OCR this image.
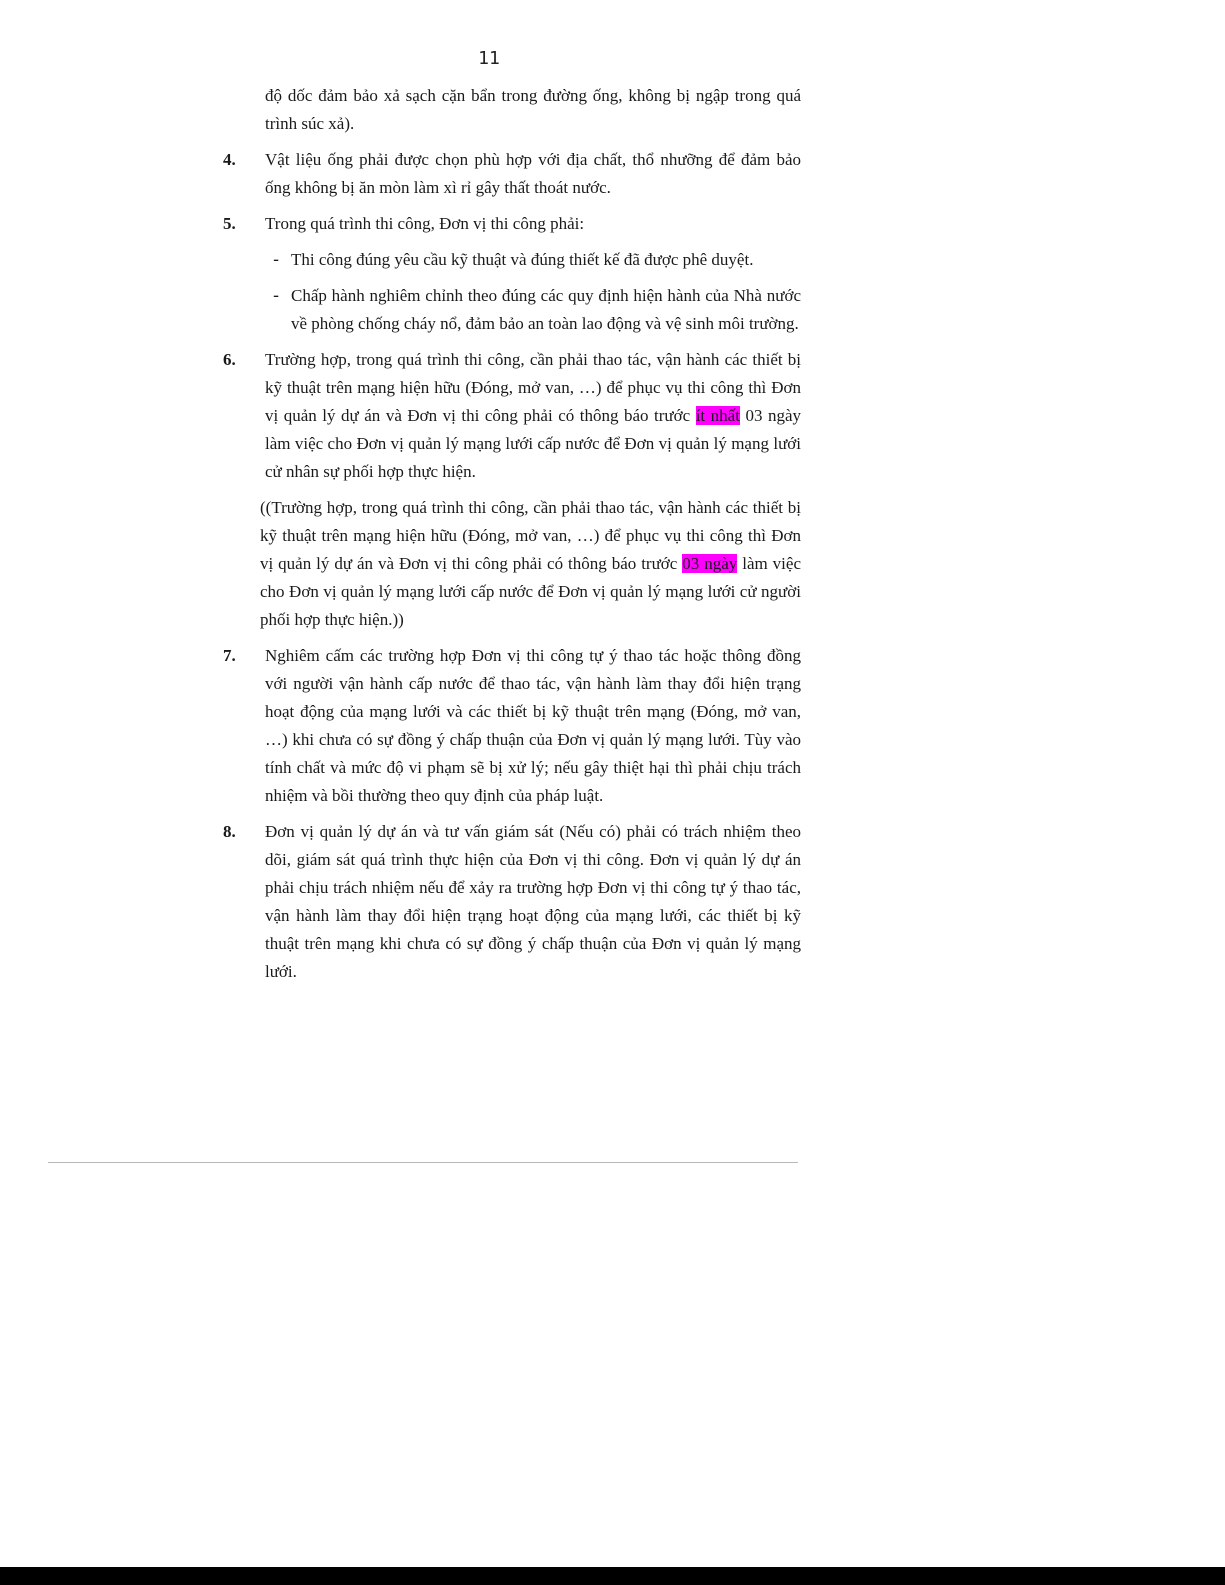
11

độ dốc đảm bảo xả sạch cặn bẩn trong đường ống, không bị ngập trong quá trình súc xả).

4.	Vật liệu ống phải được chọn phù hợp với địa chất, thổ nhưỡng để đảm bảo ống không bị ăn mòn làm xì rỉ gây thất thoát nước.
5.	Trong quá trình thi công, Đơn vị thi công phải:
- Thi công đúng yêu cầu kỹ thuật và đúng thiết kế đã được phê duyệt.
- Chấp hành nghiêm chỉnh theo đúng các quy định hiện hành của Nhà nước về phòng chống cháy nổ, đảm bảo an toàn lao động và vệ sinh môi trường.
6.	Trường hợp, trong quá trình thi công, cần phải thao tác, vận hành các thiết bị kỹ thuật trên mạng hiện hữu (Đóng, mở van, …) để phục vụ thi công thì Đơn vị quản lý dự án và Đơn vị thi công phải có thông báo trước ít nhất 03 ngày làm việc cho Đơn vị quản lý mạng lưới cấp nước để Đơn vị quản lý mạng lưới cử nhân sự phối hợp thực hiện.

((Trường hợp, trong quá trình thi công, cần phải thao tác, vận hành các thiết bị kỹ thuật trên mạng hiện hữu (Đóng, mở van, …) để phục vụ thi công thì Đơn vị quản lý dự án và Đơn vị thi công phải có thông báo trước 03 ngày làm việc cho Đơn vị quản lý mạng lưới cấp nước để Đơn vị quản lý mạng lưới cử người phối hợp thực hiện.))

7.	Nghiêm cấm các trường hợp Đơn vị thi công tự ý thao tác hoặc thông đồng với người vận hành cấp nước để thao tác, vận hành làm thay đổi hiện trạng hoạt động của mạng lưới và các thiết bị kỹ thuật trên mạng (Đóng, mở van, …) khi chưa có sự đồng ý chấp thuận của Đơn vị quản lý mạng lưới. Tùy vào tính chất và mức độ vi phạm sẽ bị xử lý; nếu gây thiệt hại thì phải chịu trách nhiệm và bồi thường theo quy định của pháp luật.
8.	Đơn vị quản lý dự án và tư vấn giám sát (Nếu có) phải có trách nhiệm theo dõi, giám sát quá trình thực hiện của Đơn vị thi công. Đơn vị quản lý dự án phải chịu trách nhiệm nếu để xảy ra trường hợp Đơn vị thi công tự ý thao tác, vận hành làm thay đổi hiện trạng hoạt động của mạng lưới, các thiết bị kỹ thuật trên mạng khi chưa có sự đồng ý chấp thuận của Đơn vị quản lý mạng lưới.
